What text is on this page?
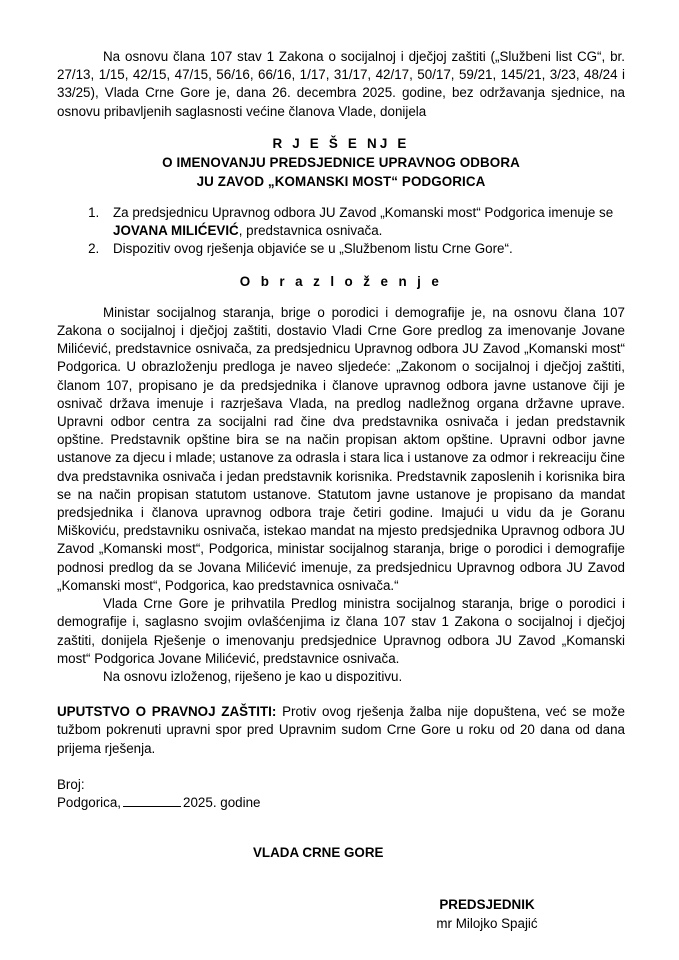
Na osnovu člana 107 stav 1 Zakona o socijalnoj i dječjoj zaštiti („Službeni list CG“, br. 27/13, 1/15, 42/15, 47/15, 56/16, 66/16, 1/17, 31/17, 42/17, 50/17, 59/21, 145/21, 3/23, 48/24 i 33/25), Vlada Crne Gore je, dana 26. decembra 2025. godine, bez održavanja sjednice, na osnovu pribavljenih saglasnosti većine članova Vlade, donijela

R J E Š E NJ E
O IMENOVANJU PREDSJEDNICE UPRAVNOG ODBORA
JU ZAVOD „KOMANSKI MOST“ PODGORICA
1. Za predsjednicu Upravnog odbora JU Zavod „Komanski most“ Podgorica imenuje se JOVANA MILIĆEVIĆ, predstavnica osnivača.
2. Dispozitiv ovog rješenja objaviće se u „Službenom listu Crne Gore“.
O b r a z l o ž e n j e

Ministar socijalnog staranja, brige o porodici i demografije je, na osnovu člana 107 Zakona o socijalnoj i dječjoj zaštiti, dostavio Vladi Crne Gore predlog za imenovanje Jovane Milićević, predstavnice osnivača, za predsjednicu Upravnog odbora JU Zavod „Komanski most“ Podgorica. U obrazloženju predloga je naveo sljedeće: „Zakonom o socijalnoj i dječjoj zaštiti, članom 107, propisano je da predsjednika i članove upravnog odbora javne ustanove čiji je osnivač država imenuje i razrješava Vlada, na predlog nadležnog organa državne uprave. Upravni odbor centra za socijalni rad čine dva predstavnika osnivača i jedan predstavnik opštine. Predstavnik opštine bira se na način propisan aktom opštine. Upravni odbor javne ustanove za djecu i mlade; ustanove za odrasla i stara lica i ustanove za odmor i rekreaciju čine dva predstavnika osnivača i jedan predstavnik korisnika. Predstavnik zaposlenih i korisnika bira se na način propisan statutom ustanove. Statutom javne ustanove je propisano da mandat predsjednika i članova upravnog odbora traje četiri godine. Imajući u vidu da je Goranu Miškoviću, predstavniku osnivača, istekao mandat na mjesto predsjednika Upravnog odbora JU Zavod „Komanski most“, Podgorica, ministar socijalnog staranja, brige o porodici i demografije podnosi predlog da se Jovana Milićević imenuje, za predsjednicu Upravnog odbora JU Zavod „Komanski most“, Podgorica, kao predstavnica osnivača.“

Vlada Crne Gore je prihvatila Predlog ministra socijalnog staranja, brige o porodici i demografije i, saglasno svojim ovlašćenjima iz člana 107 stav 1 Zakona o socijalnoj i dječjoj zaštiti, donijela Rješenje o imenovanju predsjednice Upravnog odbora JU Zavod „Komanski most“ Podgorica Jovane Milićević, predstavnice osnivača.

Na osnovu izloženog, riješeno je kao u dispozitivu.

UPUTSTVO O PRAVNOJ ZAŠTITI: Protiv ovog rješenja žalba nije dopuštena, već se može tužbom pokrenuti upravni spor pred Upravnim sudom Crne Gore u roku od 20 dana od dana prijema rješenja.

Broj:
Podgorica,	2025. godine
VLADA CRNE GORE
PREDSJEDNIK
mr Milojko Spajić
